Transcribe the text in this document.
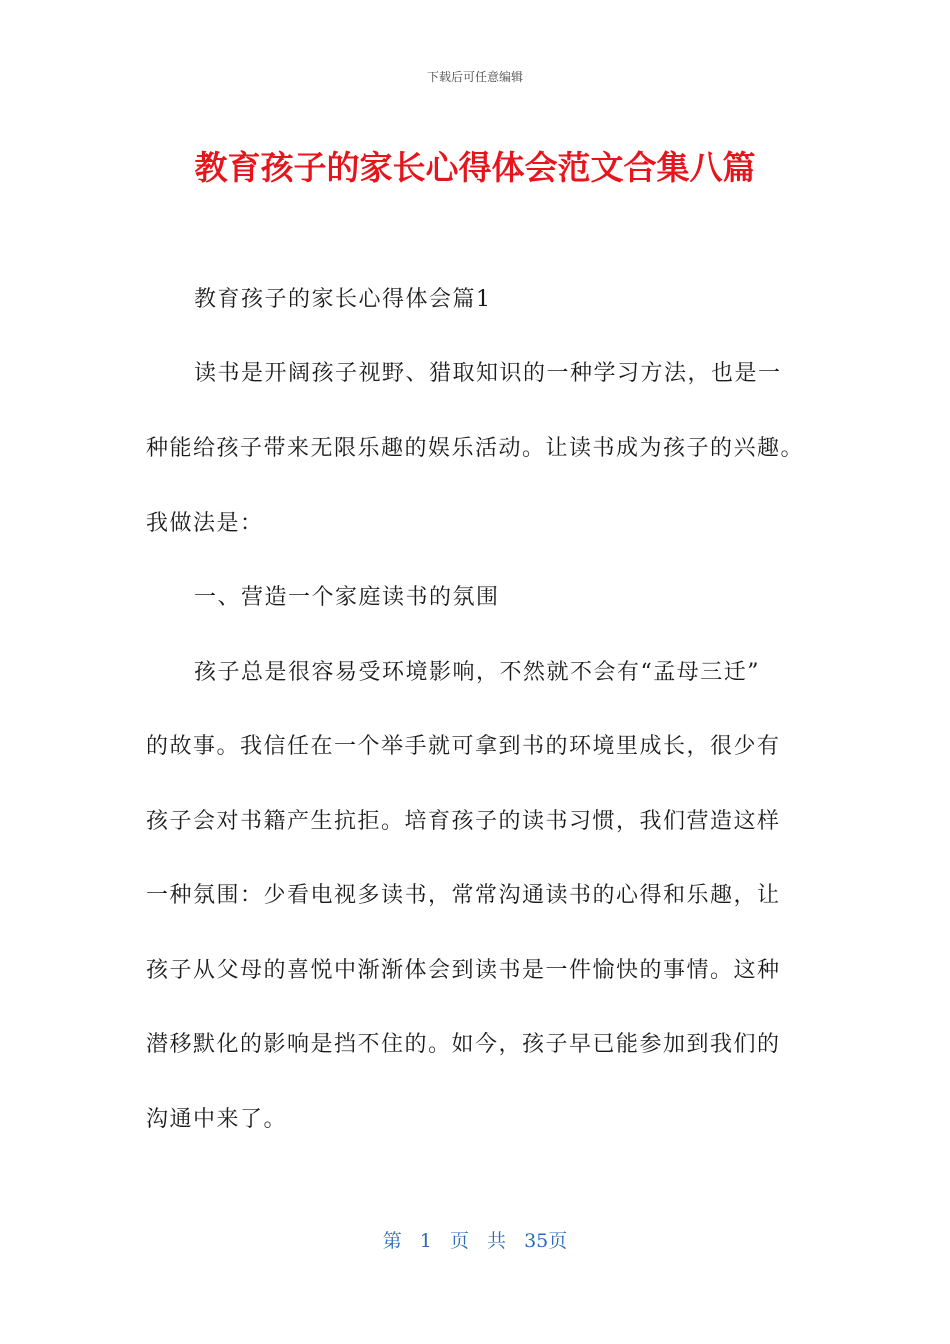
下载后可任意编辑
教育孩子的家长心得体会范文合集八篇
教育孩子的家长心得体会篇1
读书是开阔孩子视野、猎取知识的一种学习方法，也是一
种能给孩子带来无限乐趣的娱乐活动。让读书成为孩子的兴趣。
我做法是：
一、营造一个家庭读书的氛围
孩子总是很容易受环境影响，不然就不会有“孟母三迁”
的故事。我信任在一个举手就可拿到书的环境里成长，很少有
孩子会对书籍产生抗拒。培育孩子的读书习惯，我们营造这样
一种氛围：少看电视多读书，常常沟通读书的心得和乐趣，让
孩子从父母的喜悦中渐渐体会到读书是一件愉快的事情。这种
潜移默化的影响是挡不住的。如今，孩子早已能参加到我们的
沟通中来了。
第 1 页 共 35页
